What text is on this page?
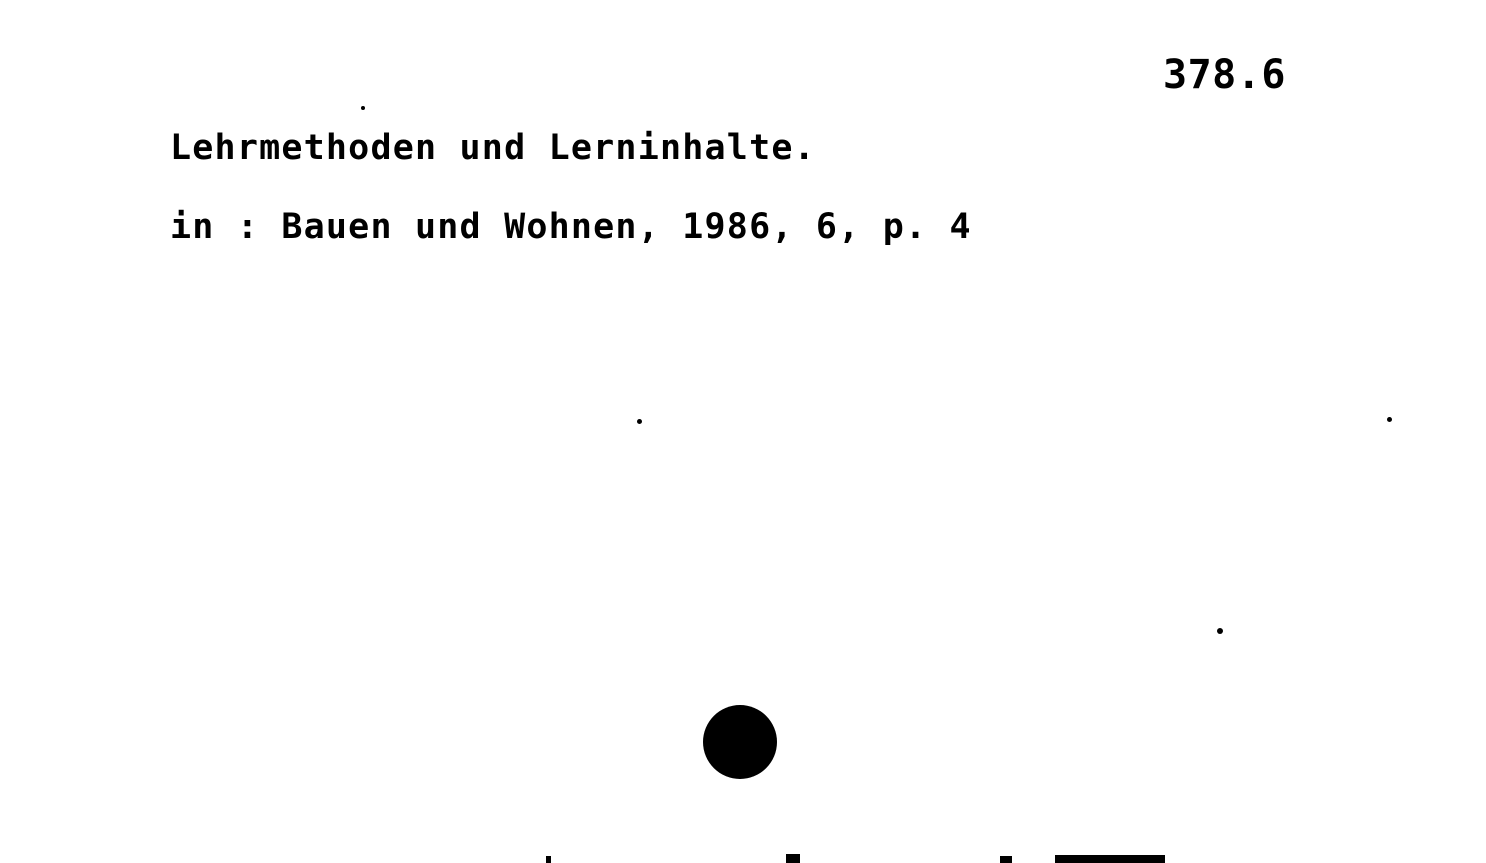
378.6
Lehrmethoden und Lerninhalte.
in : Bauen und Wohnen, 1986, 6, p. 4
